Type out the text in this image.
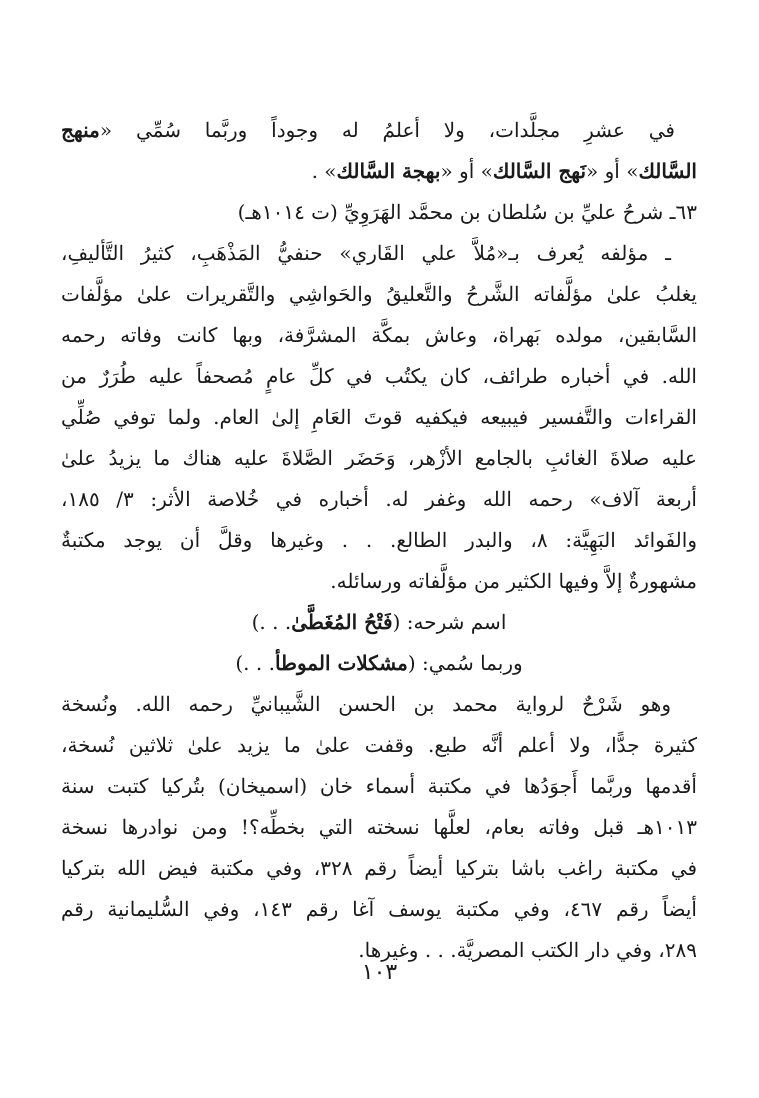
في عشرِ مجلَّدات، ولا أعلمُ له وجوداً وربَّما سُمِّي «منهج
السَّالك» أو «نَهج السَّالك» أو «بهجة السَّالك» .
٦٣ـ شرحُ عليِّ بن سُلطان بن محمَّد الهَرَوِيِّ (ت ١٠١٤هـ)
ـ مؤلفه يُعرف بـ«مُلاَّ علي القَاري» حنفيُّ المَذْهَبِ، كثيرُ التَّأليفِ،
يغلبُ علىٰ مؤلَّفاته الشَّرحُ والتَّعليقُ والحَواشِي والتَّقريرات علىٰ مؤلَّفات
السَّابقين، مولده بَهراة، وعاش بمكَّة المشرَّفة، وبها كانت وفاته رحمه
الله. في أخباره طرائف، كان يكتُب في كلِّ عامٍ مُصحفاً عليه طُرَرٌ من
القراءات والتَّفسير فيبيعه فيكفيه قوتَ العَامِ إلىٰ العام. ولما توفي صُلِّي
عليه صلاةَ الغائبِ بالجامع الأزْهر، وَحَضَر الصَّلاةَ عليه هناك ما يزيدُ علىٰ
أربعة آلاف» رحمه الله وغفر له. أخباره في خُلاصة الأثر: ٣/ ١٨٥،
والفَوائد البَهِيَّة: ٨، والبدر الطالع. . . وغيرها وقلَّ أن يوجد مكتبةٌ
مشهورةٌ إلاَّ وفيها الكثير من مؤلَّفاته ورسائله.
اسم شرحه: (فَتْحُ المُغَطَّىٰ. . .)
وربما سُمي: (مشكلات الموطأ. . .)
وهو شَرْحٌ لرواية محمد بن الحسن الشَّيبانيِّ رحمه الله. ونُسخة
كثيرة جدًّا، ولا أعلم أنَّه طبع. وقفت علىٰ ما يزيد علىٰ ثلاثين نُسخة،
أقدمها وربَّما أَجوَدُها في مكتبة أسماء خان (اسميخان) بتُركيا كتبت سنة
١٠١٣هـ قبل وفاته بعام، لعلَّها نسخته التي بخطِّه؟! ومن نوادرها نسخة
في مكتبة راغب باشا بتركيا أيضاً رقم ٣٢٨، وفي مكتبة فيض الله بتركيا
أيضاً رقم ٤٦٧، وفي مكتبة يوسف آغا رقم ١٤٣، وفي السُّليمانية رقم
٢٨٩، وفي دار الكتب المصريَّة. . . وغيرها.
١٠٣
